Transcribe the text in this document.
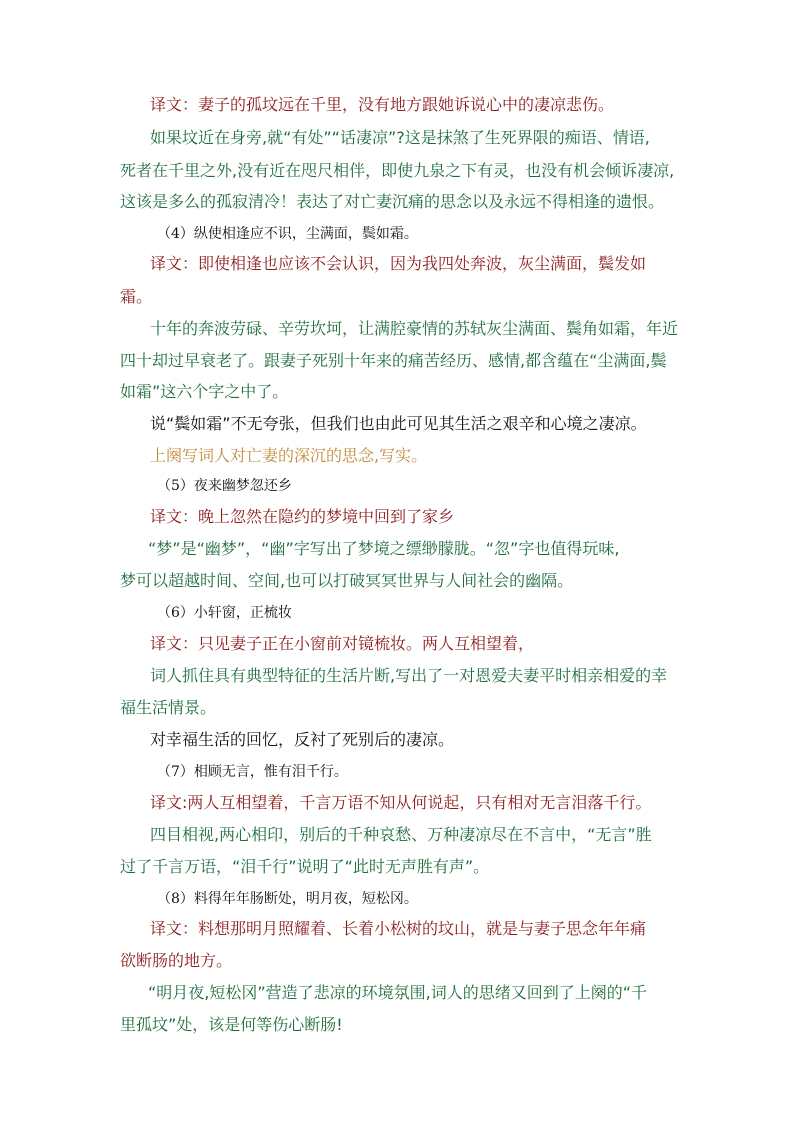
译文：妻子的孤坟远在千里，没有地方跟她诉说心中的凄凉悲伤。
如果坟近在身旁,就“有处”“话凄凉”?这是抹煞了生死界限的痴语、情语,
死者在千里之外,没有近在咫尺相伴，即使九泉之下有灵，也没有机会倾诉凄凉,
这该是多么的孤寂清冷！表达了对亡妻沉痛的思念以及永远不得相逢的遗恨。
（4）纵使相逢应不识，尘满面，鬓如霜。
译文：即使相逢也应该不会认识，因为我四处奔波，灰尘满面，鬓发如
霜。
十年的奔波劳碌、辛劳坎坷，让满腔豪情的苏轼灰尘满面、鬓角如霜，年近
四十却过早衰老了。跟妻子死别十年来的痛苦经历、感情,都含蕴在“尘满面,鬓
如霜”这六个字之中了。
说“鬓如霜”不无夸张，但我们也由此可见其生活之艰辛和心境之凄凉。
上阕写词人对亡妻的深沉的思念,写实。
（5）夜来幽梦忽还乡
译文：晚上忽然在隐约的梦境中回到了家乡
“梦”是“幽梦”，“幽”字写出了梦境之缥缈朦胧。“忽”字也值得玩味,
梦可以超越时间、空间,也可以打破冥冥世界与人间社会的幽隔。
（6）小轩窗，正梳妆
译文：只见妻子正在小窗前对镜梳妆。两人互相望着，
词人抓住具有典型特征的生活片断,写出了一对恩爱夫妻平时相亲相爱的幸
福生活情景。
对幸福生活的回忆，反衬了死别后的凄凉。
（7）相顾无言，惟有泪千行。
译文:两人互相望着，千言万语不知从何说起，只有相对无言泪落千行。
四目相视,两心相印，别后的千种哀愁、万种凄凉尽在不言中，“无言”胜
过了千言万语，“泪千行”说明了“此时无声胜有声”。
（8）料得年年肠断处，明月夜，短松冈。
译文：料想那明月照耀着、长着小松树的坟山，就是与妻子思念年年痛
欲断肠的地方。
“明月夜,短松冈”营造了悲凉的环境氛围,词人的思绪又回到了上阕的“千
里孤坟”处，该是何等伤心断肠!
